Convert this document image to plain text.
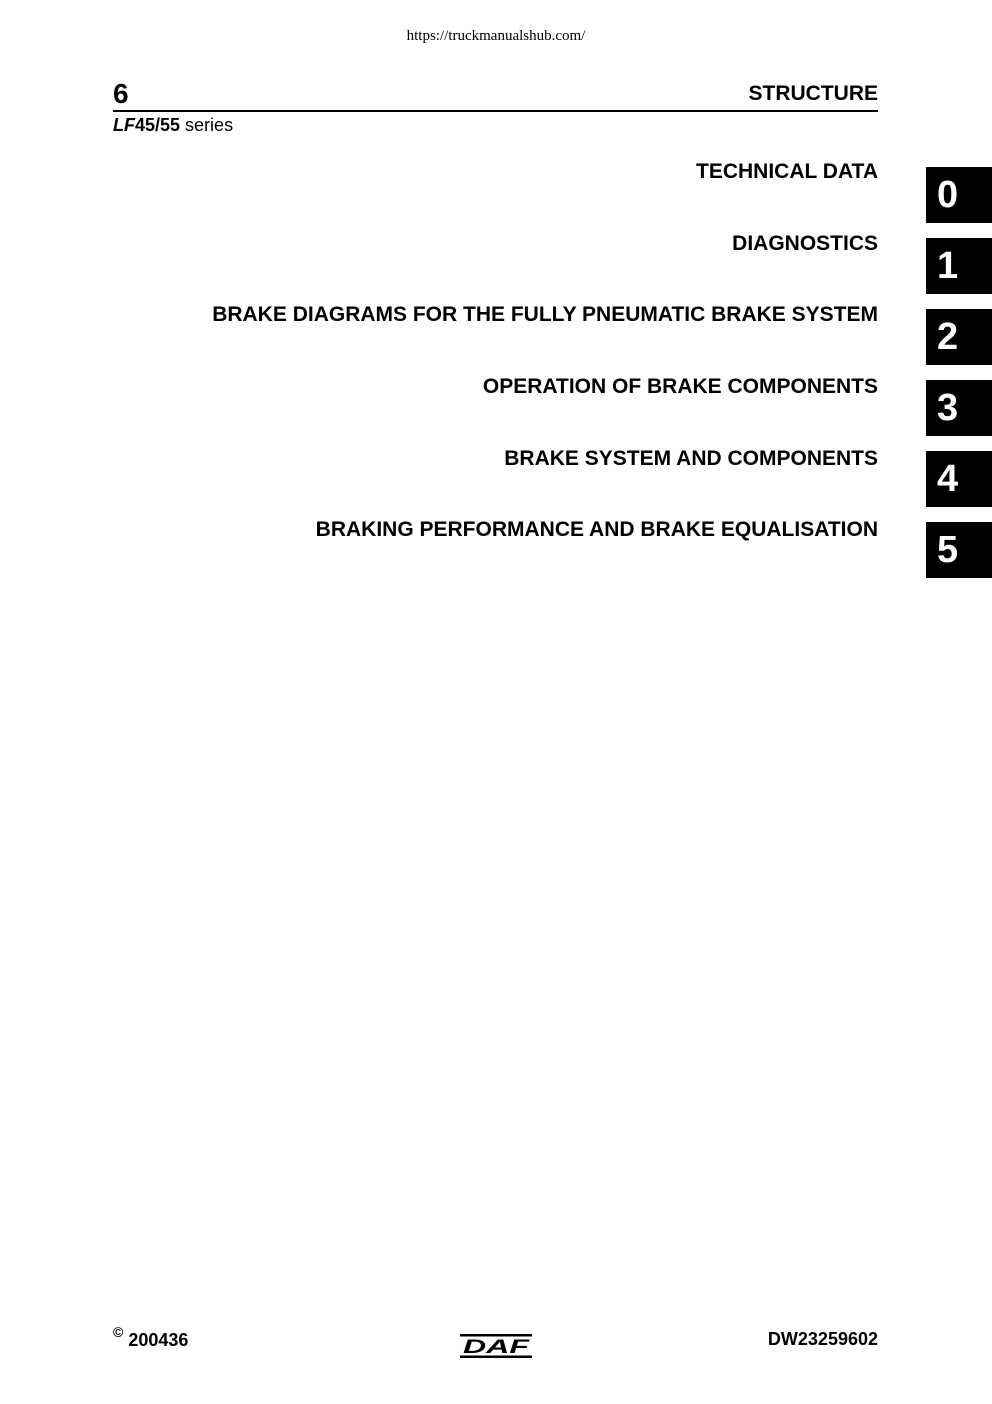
https://truckmanualshub.com/
6	STRUCTURE
LF45/55 series
TECHNICAL DATA
DIAGNOSTICS
BRAKE DIAGRAMS FOR THE FULLY PNEUMATIC BRAKE SYSTEM
OPERATION OF BRAKE COMPONENTS
BRAKE SYSTEM AND COMPONENTS
BRAKING PERFORMANCE AND BRAKE EQUALISATION
0
1
2
3
4
5
© 200436	DAF	DW23259602
